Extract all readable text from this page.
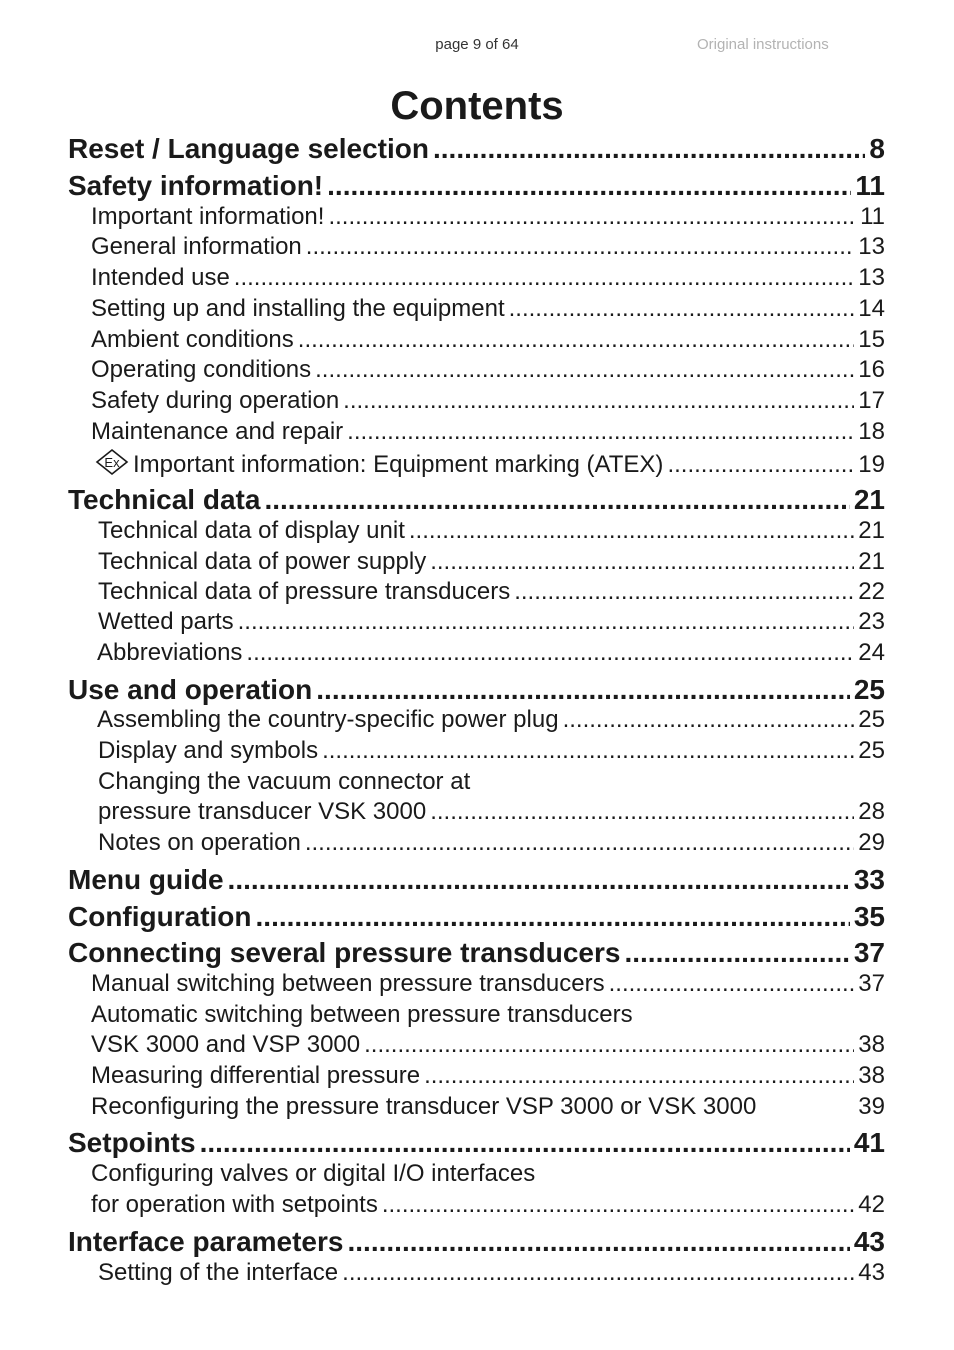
page 9 of 64	Original instructions
Contents
Reset / Language selection .....	8
Safety information! .....	11
Important information! .....	11
General information .....	13
Intended use .....	13
Setting up and installing the equipment .....	14
Ambient conditions .....	15
Operating conditions .....	16
Safety during operation .....	17
Maintenance and repair .....	18
Ex Important information: Equipment marking (ATEX) .....	19
Technical data .....	21
Technical data of display unit .....	21
Technical data of power supply .....	21
Technical data of pressure transducers .....	22
Wetted parts .....	23
Abbreviations .....	24
Use and operation .....	25
Assembling the country-specific power plug .....	25
Display and symbols .....	25
Changing the vacuum connector at
pressure transducer VSK 3000 .....	28
Notes on operation .....	29
Menu guide .....	33
Configuration .....	35
Connecting several pressure transducers .....	37
Manual switching between pressure transducers .....	37
Automatic switching between pressure transducers
VSK 3000 and VSP 3000 .....	38
Measuring differential pressure .....	38
Reconfiguring the pressure transducer VSP 3000 or VSK 3000	39
Setpoints .....	41
Configuring valves or digital I/O interfaces
for operation with setpoints .....	42
Interface parameters .....	43
Setting of the interface .....	43
